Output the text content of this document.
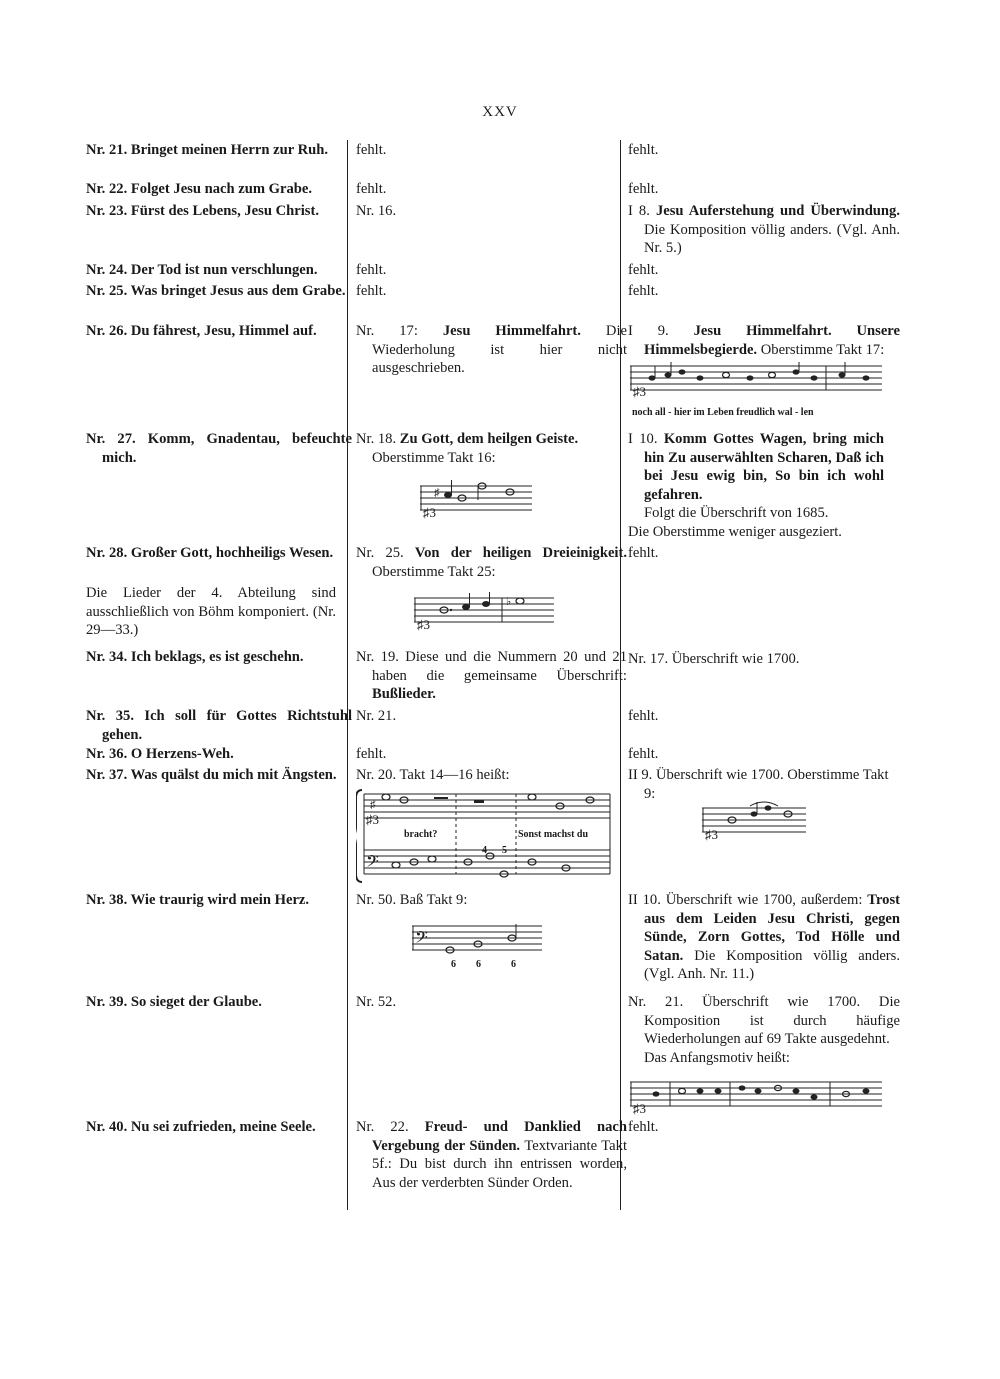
XXV
Nr. 21. Bringet meinen Herrn zur Ruh.
Nr. 22. Folget Jesu nach zum Grabe.
Nr. 23. Fürst des Lebens, Jesu Christ.
Nr. 24. Der Tod ist nun verschlungen.
Nr. 25. Was bringet Jesus aus dem Grabe.
Nr. 26. Du fährest, Jesu, Himmel auf.
Nr. 27. Komm, Gnadentau, befeuchte mich.
Nr. 28. Großer Gott, hochheiligs Wesen.
Die Lieder der 4. Abteilung sind ausschließlich von Böhm komponiert. (Nr. 29—33.)
Nr. 34. Ich beklags, es ist geschehn.
Nr. 35. Ich soll für Gottes Richtstuhl gehen.
Nr. 36. O Herzens-Weh.
Nr. 37. Was quälst du mich mit Ängsten.
Nr. 38. Wie traurig wird mein Herz.
Nr. 39. So sieget der Glaube.
Nr. 40. Nu sei zufrieden, meine Seele.
fehlt.
fehlt.
Nr. 16.
fehlt.
fehlt.
Nr. 17: Jesu Himmelfahrt. Die Wiederholung ist hier nicht ausgeschrieben.
Nr. 18. Zu Gott, dem heilgen Geiste.
Oberstimme Takt 16:
♯3
♯
Nr. 25. Von der heiligen Dreieinigkeit. Oberstimme Takt 25:
♯3
♭
Nr. 19. Diese und die Nummern 20 und 21 haben die gemeinsame Überschrift: Bußlieder.
Nr. 21.
fehlt.
Nr. 20. Takt 14—16 heißt:
♯3
♯
𝄢
bracht?	Sonst machst du
4 5
Nr. 50. Baß Takt 9:
𝄢
6 6	6
Nr. 52.
Nr. 22. Freud- und Danklied nach Vergebung der Sünden. Textvariante Takt 5f.: Du bist durch ihn entrissen worden, Aus der verderbten Sünder Orden.
fehlt.
fehlt.
I 8. Jesu Auferstehung und Überwindung. Die Komposition völlig anders. (Vgl. Anh. Nr. 5.)
fehlt.
fehlt.
I 9. Jesu Himmelfahrt. Unsere Himmelsbegierde. Oberstimme Takt 17:
♯3
noch all - hier im Leben freudlich wal - len
I 10. Komm Gottes Wagen, bring mich hin Zu auserwählten Scharen, Daß ich bei Jesu ewig bin, So bin ich wohl gefahren.
Folgt die Überschrift von 1685.
Die Oberstimme weniger ausgeziert.
fehlt.
Nr. 17. Überschrift wie 1700.
fehlt.
fehlt.
II 9. Überschrift wie 1700. Oberstimme Takt 9:
♯3
II 10. Überschrift wie 1700, außerdem: Trost aus dem Leiden Jesu Christi, gegen Sünde, Zorn Gottes, Tod Hölle und Satan. Die Komposition völlig anders. (Vgl. Anh. Nr. 11.)
Nr. 21. Überschrift wie 1700. Die Komposition ist durch häufige Wiederholungen auf 69 Takte ausgedehnt.
Das Anfangsmotiv heißt:
♯3
fehlt.
